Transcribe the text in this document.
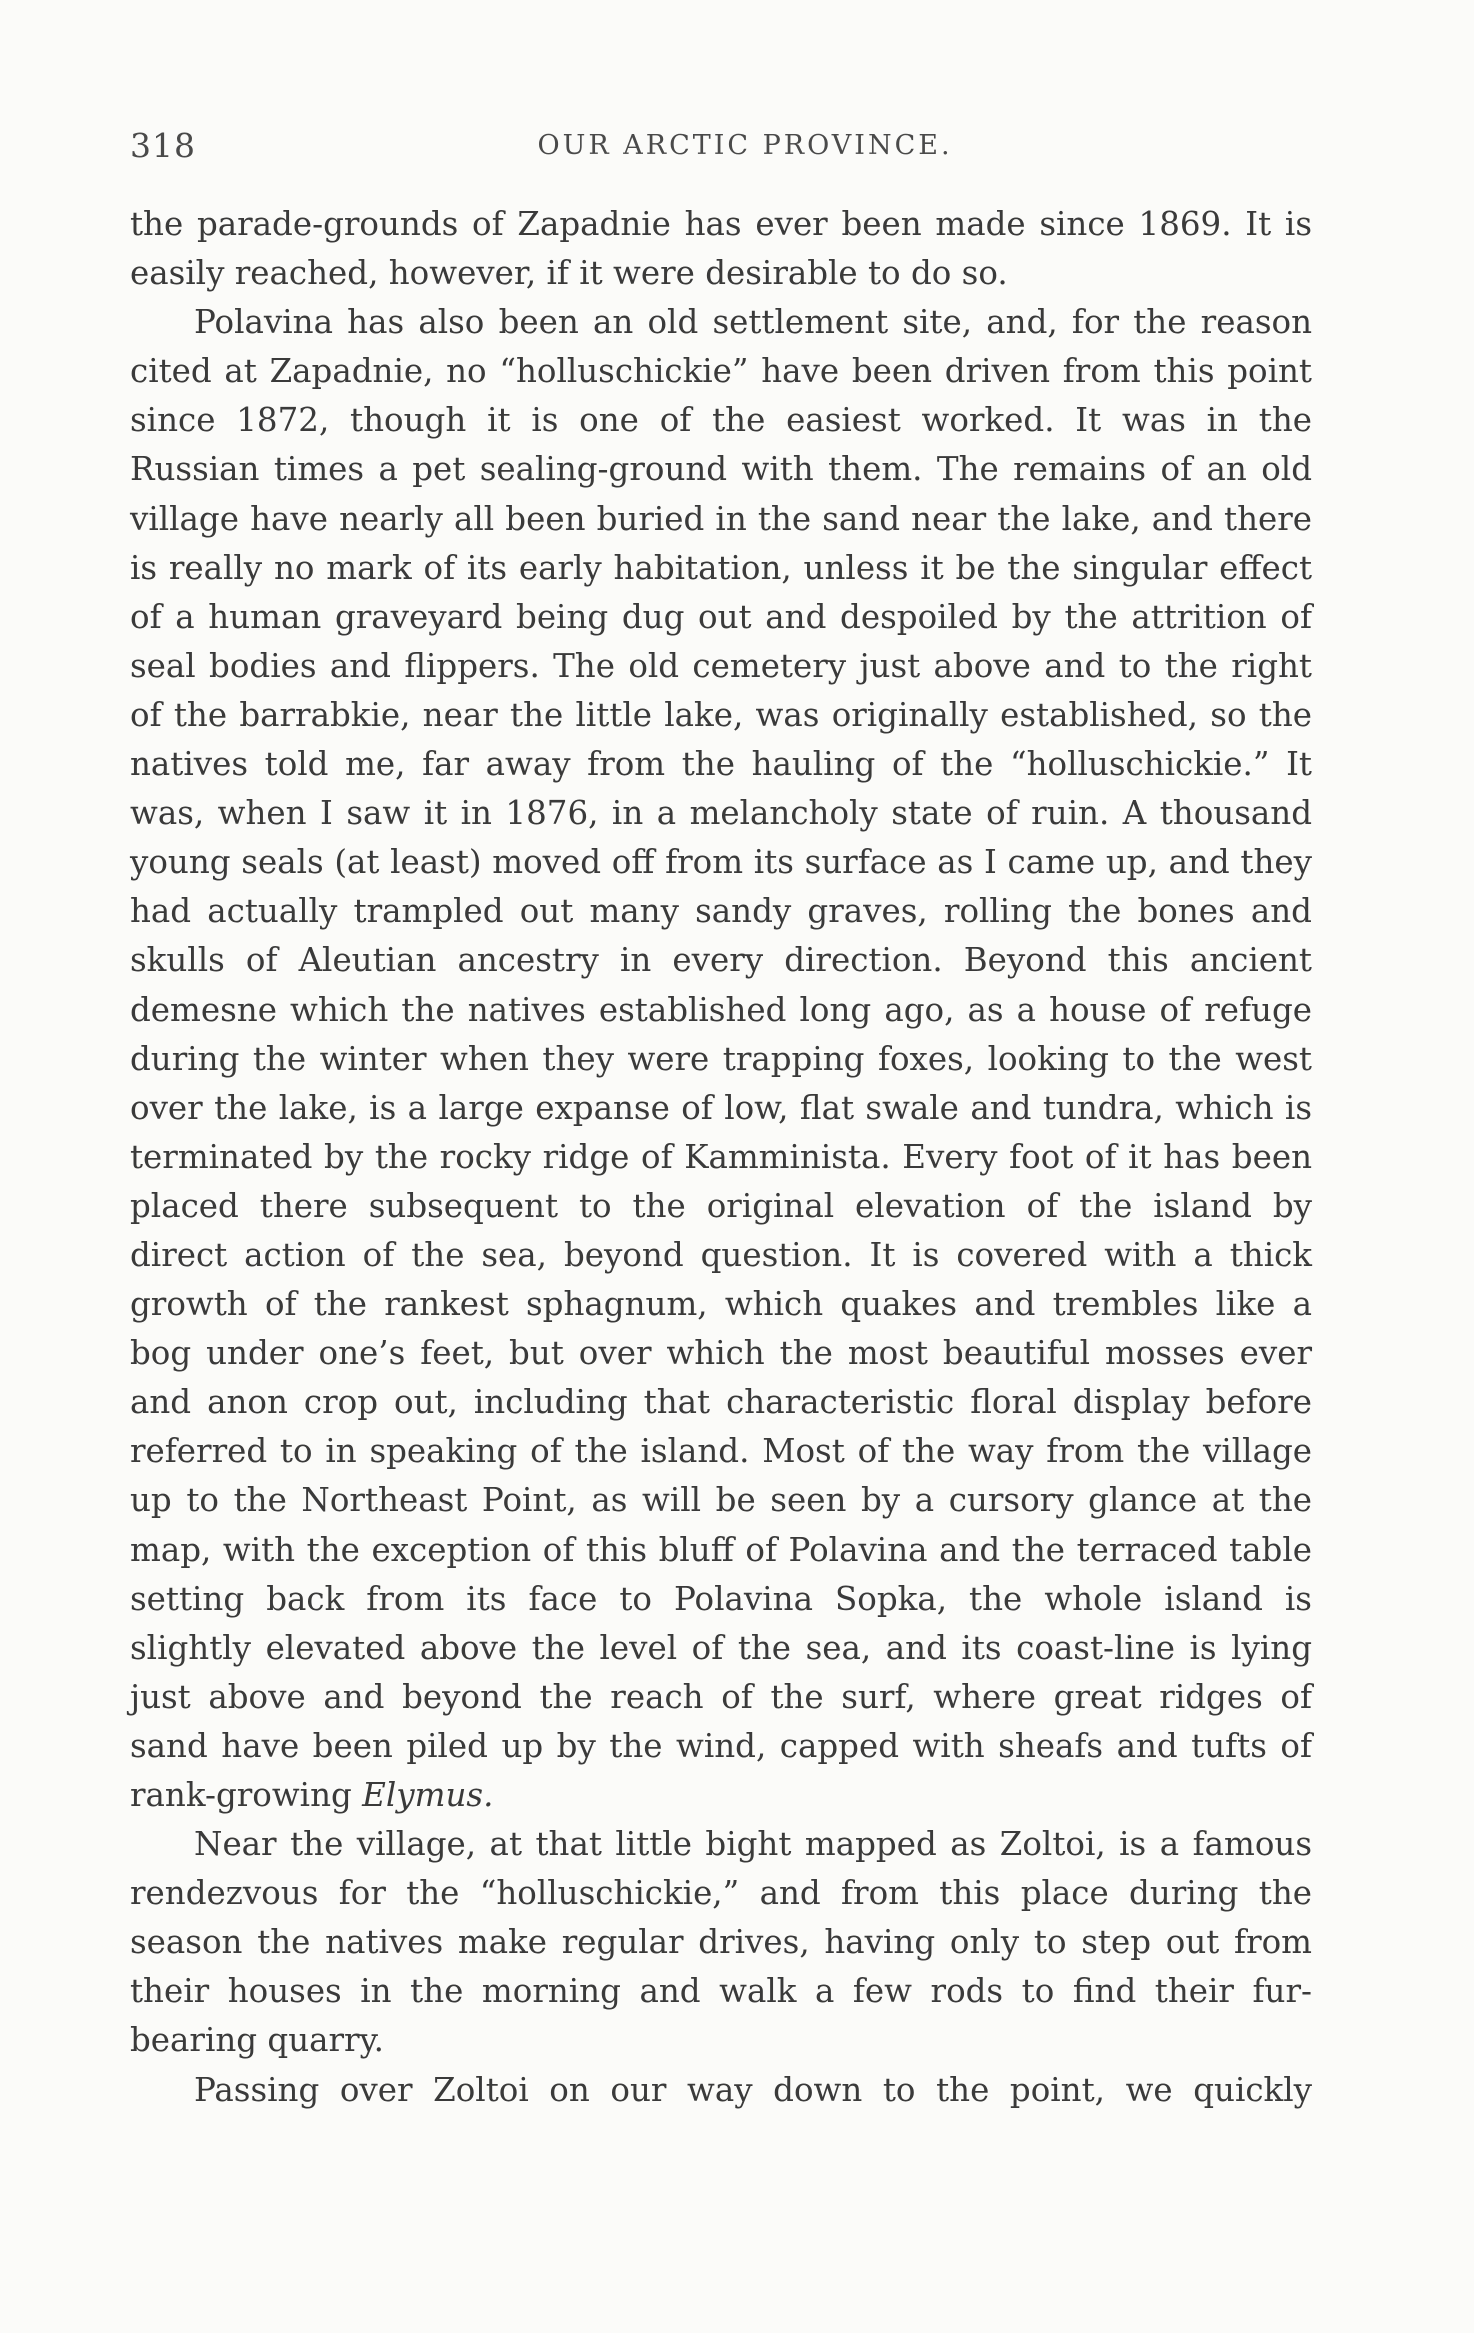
318	OUR ARCTIC PROVINCE.

the parade-grounds of Zapadnie has ever been made since 1869. It is easily reached, however, if it were desirable to do so.

Polavina has also been an old settlement site, and, for the reason cited at Zapadnie, no “holluschickie” have been driven from this point since 1872, though it is one of the easiest worked. It was in the Russian times a pet sealing-ground with them. The remains of an old village have nearly all been buried in the sand near the lake, and there is really no mark of its early habitation, unless it be the singular effect of a human graveyard being dug out and despoiled by the attrition of seal bodies and flippers. The old cemetery just above and to the right of the barrabkie, near the little lake, was originally established, so the natives told me, far away from the hauling of the “holluschickie.” It was, when I saw it in 1876, in a melancholy state of ruin. A thousand young seals (at least) moved off from its surface as I came up, and they had actually trampled out many sandy graves, rolling the bones and skulls of Aleutian ancestry in every direction. Beyond this ancient demesne which the natives established long ago, as a house of refuge during the winter when they were trapping foxes, looking to the west over the lake, is a large expanse of low, flat swale and tundra, which is terminated by the rocky ridge of Kamminista. Every foot of it has been placed there subsequent to the original elevation of the island by direct action of the sea, beyond question. It is covered with a thick growth of the rankest sphagnum, which quakes and trembles like a bog under one’s feet, but over which the most beautiful mosses ever and anon crop out, including that characteristic floral display before referred to in speaking of the island. Most of the way from the village up to the Northeast Point, as will be seen by a cursory glance at the map, with the exception of this bluff of Polavina and the terraced table setting back from its face to Polavina Sopka, the whole island is slightly elevated above the level of the sea, and its coast-line is lying just above and beyond the reach of the surf, where great ridges of sand have been piled up by the wind, capped with sheafs and tufts of rank-growing Elymus.

Near the village, at that little bight mapped as Zoltoi, is a famous rendezvous for the “holluschickie,” and from this place during the season the natives make regular drives, having only to step out from their houses in the morning and walk a few rods to find their fur-bearing quarry.

Passing over Zoltoi on our way down to the point, we quickly
